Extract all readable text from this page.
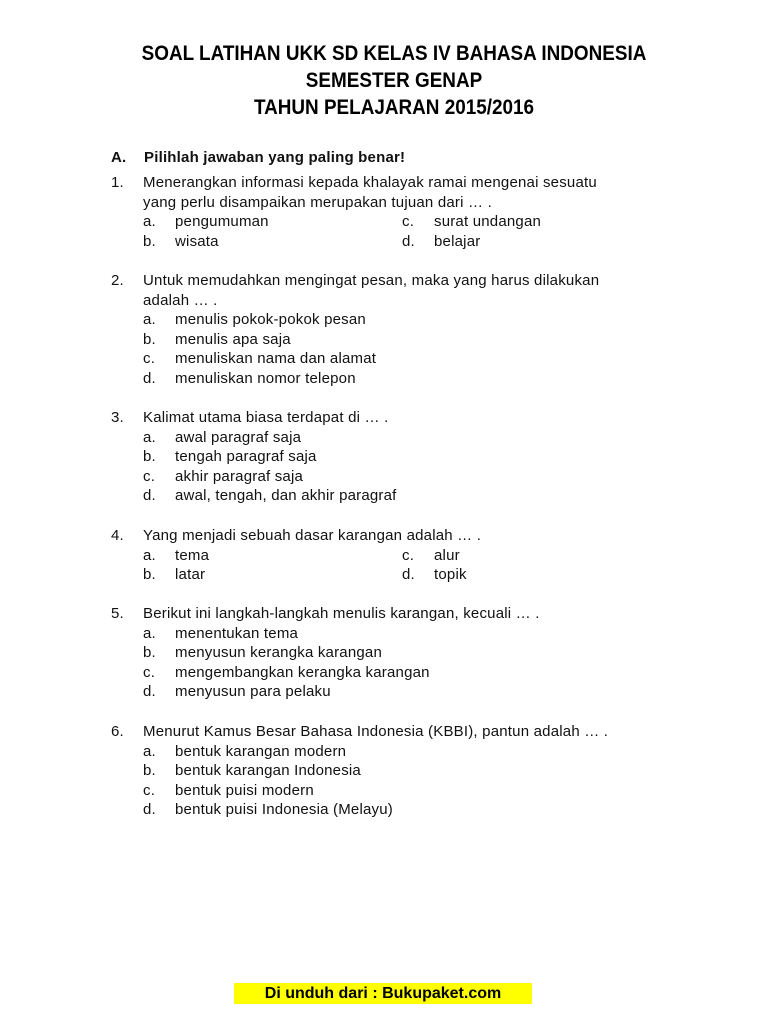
SOAL LATIHAN UKK SD KELAS IV BAHASA INDONESIA
SEMESTER GENAP
TAHUN PELAJARAN 2015/2016
A. Pilihlah jawaban yang paling benar!
1. Menerangkan informasi kepada khalayak ramai mengenai sesuatu
yang perlu disampaikan merupakan tujuan dari … .
a. pengumuman
b. wisata
c. surat undangan
d. belajar
2. Untuk memudahkan mengingat pesan, maka yang harus dilakukan
adalah … .
a. menulis pokok-pokok pesan
b. menulis apa saja
c. menuliskan nama dan alamat
d. menuliskan nomor telepon
3. Kalimat utama biasa terdapat di … .
a. awal paragraf saja
b. tengah paragraf saja
c. akhir paragraf saja
d. awal, tengah, dan akhir paragraf
4. Yang menjadi sebuah dasar karangan adalah … .
a. tema
b. latar
c. alur
d. topik
5. Berikut ini langkah-langkah menulis karangan, kecuali … .
a. menentukan tema
b. menyusun kerangka karangan
c. mengembangkan kerangka karangan
d. menyusun para pelaku
6. Menurut Kamus Besar Bahasa Indonesia (KBBI), pantun adalah … .
a. bentuk karangan modern
b. bentuk karangan Indonesia
c. bentuk puisi modern
d. bentuk puisi Indonesia (Melayu)
Di unduh dari : Bukupaket.com
